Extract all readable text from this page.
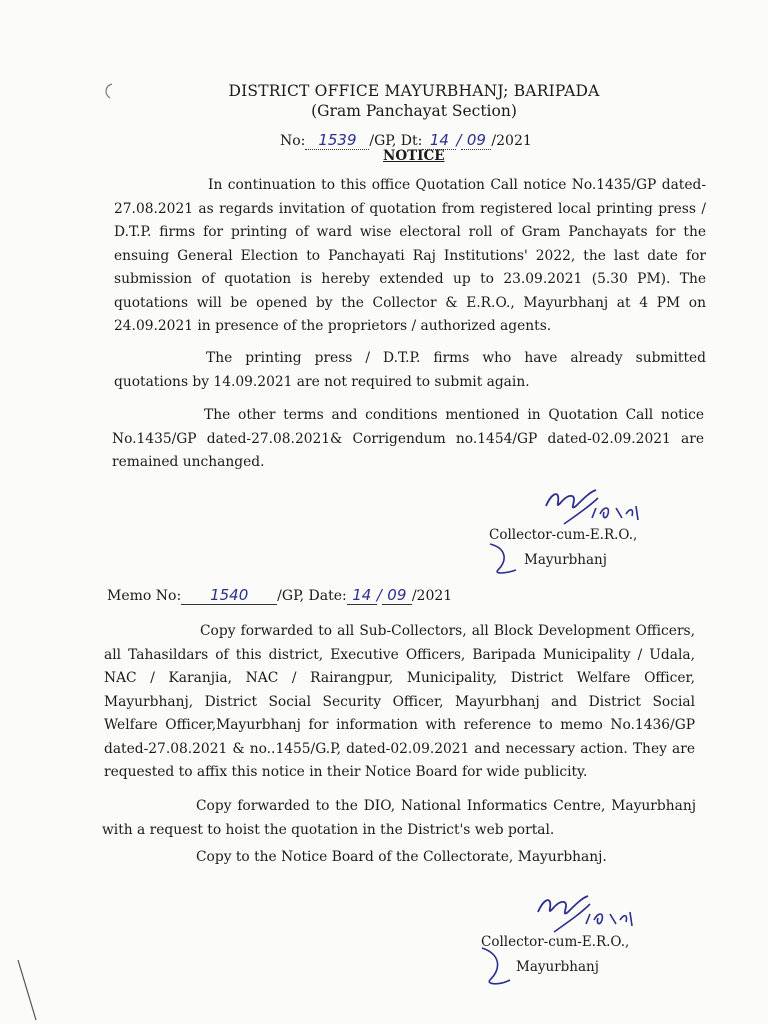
DISTRICT OFFICE MAYURBHANJ; BARIPADA
(Gram Panchayat Section)
No: 1539 /GP, Dt: 14 / 09 /2021
NOTICE
In continuation to this office Quotation Call notice No.1435/GP dated-27.08.2021 as regards invitation of quotation from registered local printing press / D.T.P. firms for printing of ward wise electoral roll of Gram Panchayats for the ensuing General Election to Panchayati Raj Institutions' 2022, the last date for submission of quotation is hereby extended up to 23.09.2021 (5.30 PM). The quotations will be opened by the Collector & E.R.O., Mayurbhanj at 4 PM on 24.09.2021 in presence of the proprietors / authorized agents.
The printing press / D.T.P. firms who have already submitted quotations by 14.09.2021 are not required to submit again.
The other terms and conditions mentioned in Quotation Call notice No.1435/GP dated-27.08.2021& Corrigendum no.1454/GP dated-02.09.2021 are remained unchanged.
Collector-cum-E.R.O.,
Mayurbhanj
Memo No: 1540 /GP, Date: 14 / 09 /2021
Copy forwarded to all Sub-Collectors, all Block Development Officers, all Tahasildars of this district, Executive Officers, Baripada Municipality / Udala, NAC / Karanjia, NAC / Rairangpur, Municipality, District Welfare Officer, Mayurbhanj, District Social Security Officer, Mayurbhanj and District Social Welfare Officer,Mayurbhanj for information with reference to memo No.1436/GP dated-27.08.2021 & no..1455/G.P, dated-02.09.2021 and necessary action. They are requested to affix this notice in their Notice Board for wide publicity.
Copy forwarded to the DIO, National Informatics Centre, Mayurbhanj with a request to hoist the quotation in the District's web portal.
Copy to the Notice Board of the Collectorate, Mayurbhanj.
Collector-cum-E.R.O.,
Mayurbhanj
